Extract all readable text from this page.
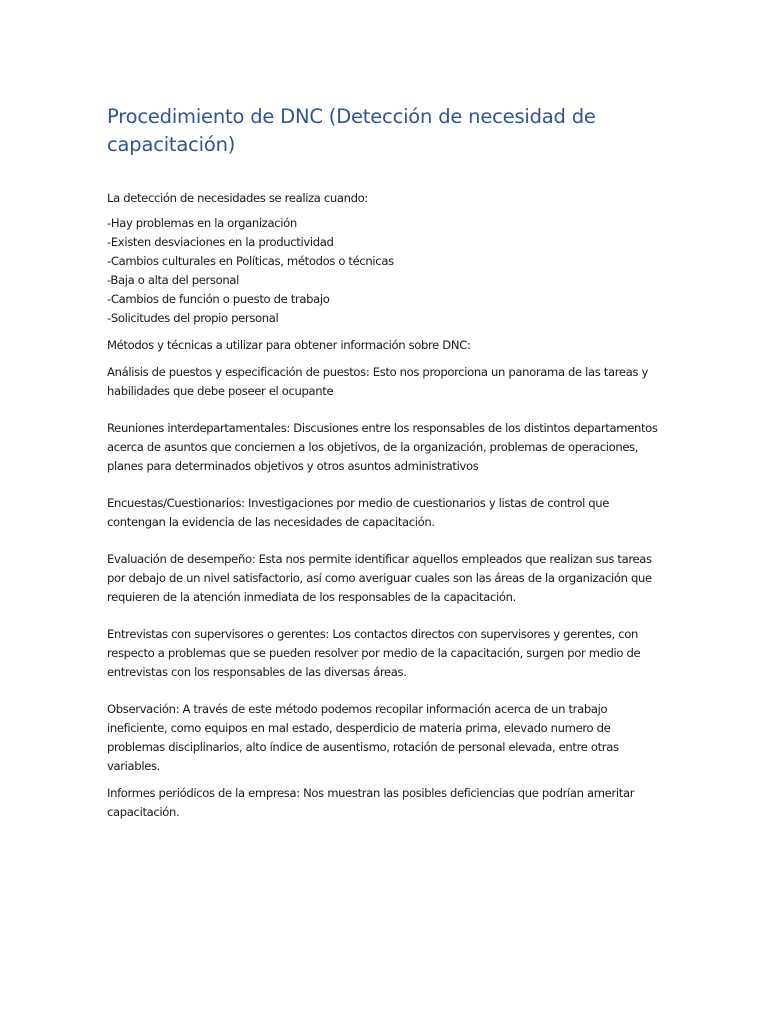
Procedimiento de DNC (Detección de necesidad de capacitación)

La detección de necesidades se realiza cuando:

-Hay problemas en la organización
-Existen desviaciones en la productividad
-Cambios culturales en Políticas, métodos o técnicas
-Baja o alta del personal
-Cambios de función o puesto de trabajo
-Solicitudes del propio personal

Métodos y técnicas a utilizar para obtener información sobre DNC:

Análisis de puestos y especificación de puestos: Esto nos proporciona un panorama de las tareas y habilidades que debe poseer el ocupante

Reuniones interdepartamentales: Discusiones entre los responsables de los distintos departamentos acerca de asuntos que conciernen a los objetivos, de la organización, problemas de operaciones, planes para determinados objetivos y otros asuntos administrativos

Encuestas/Cuestionarios: Investigaciones por medio de cuestionarios y listas de control que contengan la evidencia de las necesidades de capacitación.

Evaluación de desempeño: Esta nos permite identificar aquellos empleados que realizan sus tareas por debajo de un nivel satisfactorio, así como averiguar cuales son las áreas de la organización que requieren de la atención inmediata de los responsables de la capacitación.

Entrevistas con supervisores o gerentes: Los contactos directos con supervisores y gerentes, con respecto a problemas que se pueden resolver por medio de la capacitación, surgen por medio de entrevistas con los responsables de las diversas áreas.

Observación: A través de este método podemos recopilar información acerca de un trabajo ineficiente, como equipos en mal estado, desperdicio de materia prima, elevado numero de problemas disciplinarios, alto índice de ausentismo, rotación de personal elevada, entre otras variables.

Informes periódicos de la empresa: Nos muestran las posibles deficiencias que podrían ameritar capacitación.
